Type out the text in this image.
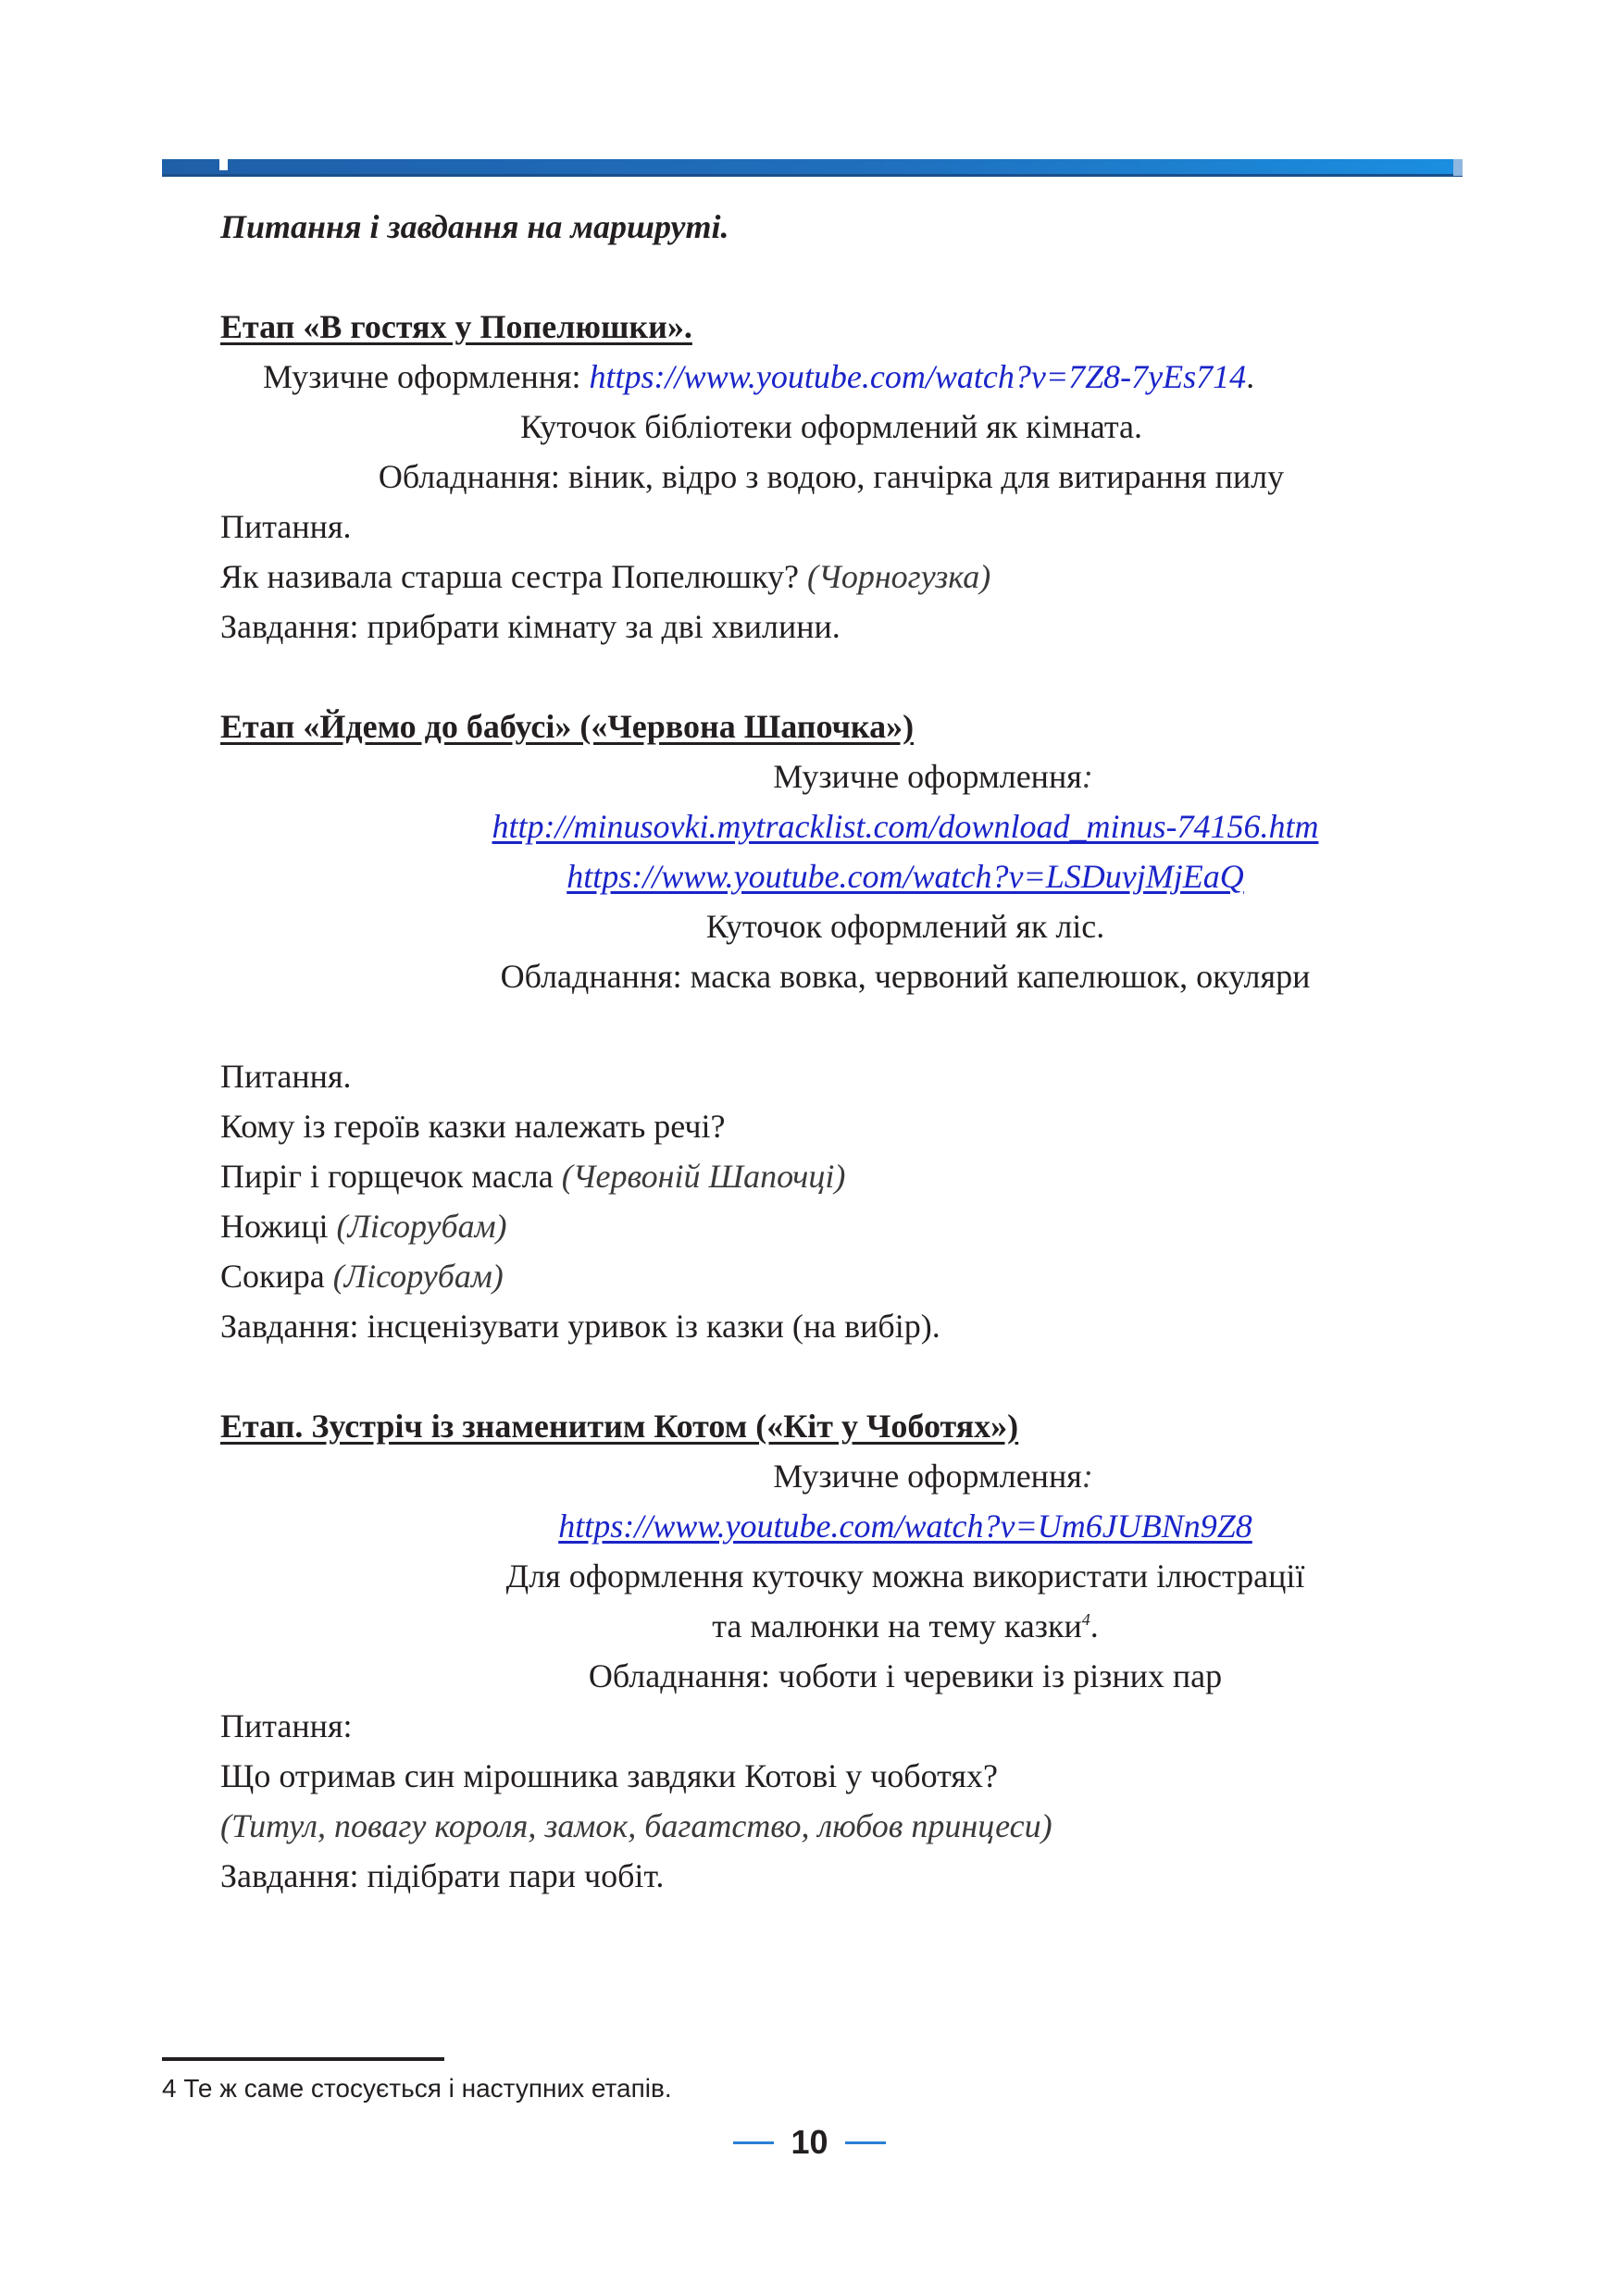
Питання і завдання на маршруті.
Етап «В гостях у Попелюшки».
Музичне оформлення: https://www.youtube.com/watch?v=7Z8-7yEs714.
Куточок бібліотеки оформлений як кімната.
Обладнання: віник, відро з водою, ганчірка для витирання пилу
Питання.
Як називала старша сестра Попелюшку? (Чорногузка)
Завдання: прибрати кімнату за дві хвилини.
Етап «Йдемо до бабусі» («Червона Шапочка»)
Музичне оформлення:
http://minusovki.mytracklist.com/download_minus-74156.htm
https://www.youtube.com/watch?v=LSDuvjMjEaQ
Куточок оформлений як ліс.
Обладнання: маска вовка, червоний капелюшок, окуляри
Питання.
Кому із героїв казки належать речі?
Пиріг і горщечок масла (Червоній Шапочці)
Ножиці (Лісорубам)
Сокира (Лісорубам)
Завдання: інсценізувати уривок із казки (на вибір).
Етап. Зустріч із знаменитим Котом («Кіт у Чоботях»)
Музичне оформлення:
https://www.youtube.com/watch?v=Um6JUBNn9Z8
Для оформлення куточку можна використати ілюстрації
та малюнки на тему казки$^4$.
Обладнання: чоботи і черевики із різних пар
Питання:
Що отримав син мірошника завдяки Котові у чоботях?
(Титул, повагу короля, замок, багатство, любов принцеси)
Завдання: підібрати пари чобіт.
4 Те ж саме стосується і наступних етапів.
10
